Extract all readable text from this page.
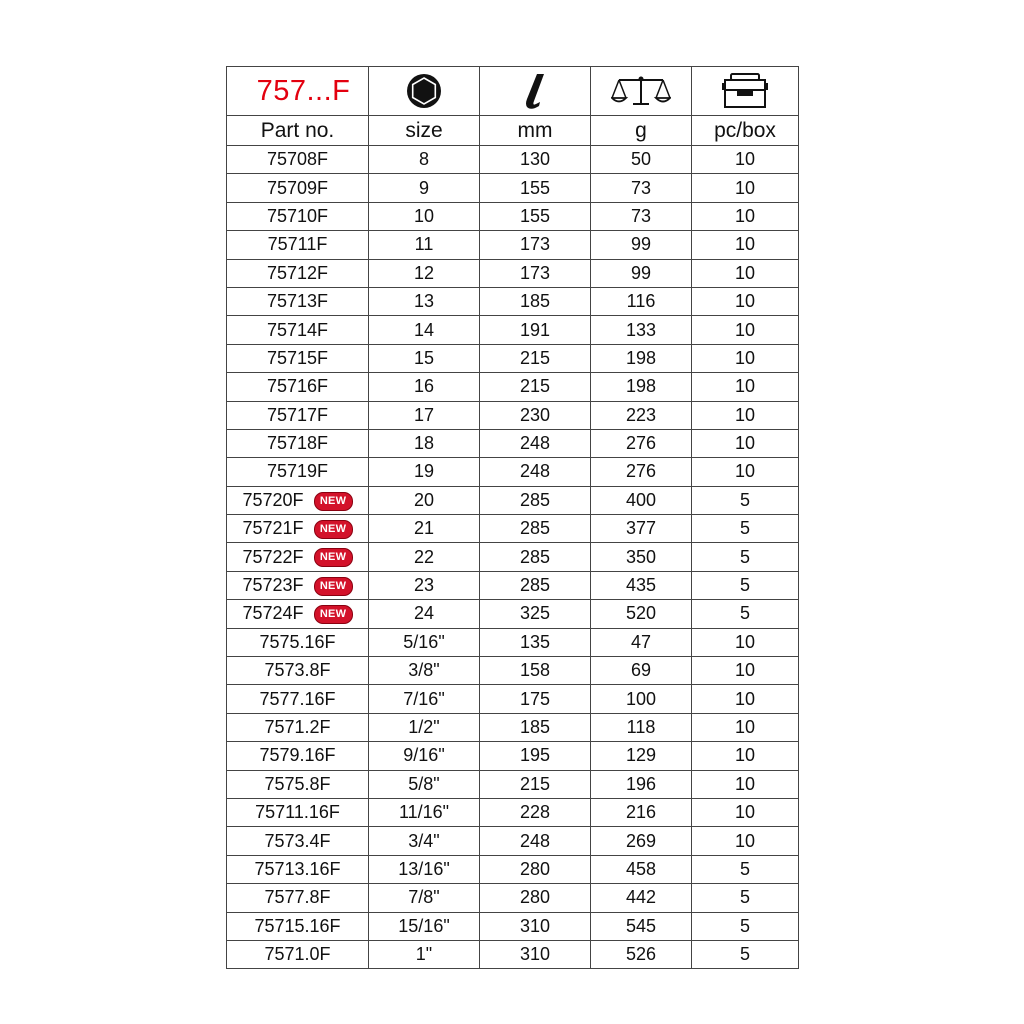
757...F	

Part no.	size	mm	g	pc/box
75708F	8	130	50	10
75709F	9	155	73	10
75710F	10	155	73	10
75711F	11	173	99	10
75712F	12	173	99	10
75713F	13	185	116	10
75714F	14	191	133	10
75715F	15	215	198	10
75716F	16	215	198	10
75717F	17	230	223	10
75718F	18	248	276	10
75719F	19	248	276	10
75720F NEW	20	285	400	5
75721F NEW	21	285	377	5
75722F NEW	22	285	350	5
75723F NEW	23	285	435	5
75724F NEW	24	325	520	5
7575.16F	5/16"	135	47	10
7573.8F	3/8"	158	69	10
7577.16F	7/16"	175	100	10
7571.2F	1/2"	185	118	10
7579.16F	9/16"	195	129	10
7575.8F	5/8"	215	196	10
75711.16F	11/16"	228	216	10
7573.4F	3/4"	248	269	10
75713.16F	13/16"	280	458	5
7577.8F	7/8"	280	442	5
75715.16F	15/16"	310	545	5
7571.0F	1"	310	526	5
